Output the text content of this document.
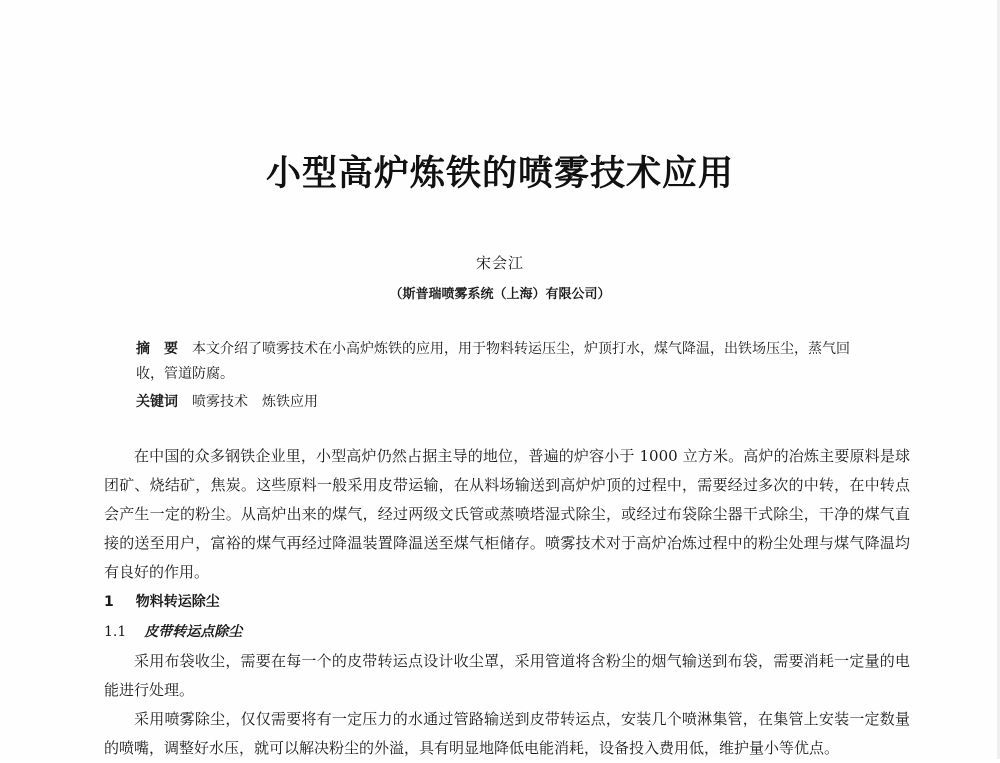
小型高炉炼铁的喷雾技术应用
宋会江
（斯普瑞喷雾系统（上海）有限公司）
摘　要 本文介绍了喷雾技术在小高炉炼铁的应用，用于物料转运压尘，炉顶打水，煤气降温，出铁场压尘，蒸气回收，管道防腐。
关键词 喷雾技术 炼铁应用

在中国的众多钢铁企业里，小型高炉仍然占据主导的地位，普遍的炉容小于 1000 立方米。高炉的冶炼主要原料是球团矿、烧结矿，焦炭。这些原料一般采用皮带运输，在从料场输送到高炉炉顶的过程中，需要经过多次的中转，在中转点会产生一定的粉尘。从高炉出来的煤气，经过两级文氏管或蒸喷塔湿式除尘，或经过布袋除尘器干式除尘，干净的煤气直接的送至用户，富裕的煤气再经过降温装置降温送至煤气柜储存。喷雾技术对于高炉冶炼过程中的粉尘处理与煤气降温均有良好的作用。

1 物料转运除尘
1.1 皮带转运点除尘

采用布袋收尘，需要在每一个的皮带转运点设计收尘罩，采用管道将含粉尘的烟气输送到布袋，需要消耗一定量的电能进行处理。

采用喷雾除尘，仅仅需要将有一定压力的水通过管路输送到皮带转运点，安装几个喷淋集管，在集管上安装一定数量的喷嘴，调整好水压，就可以解决粉尘的外溢，具有明显地降低电能消耗，设备投入费用低，维护量小等优点。
